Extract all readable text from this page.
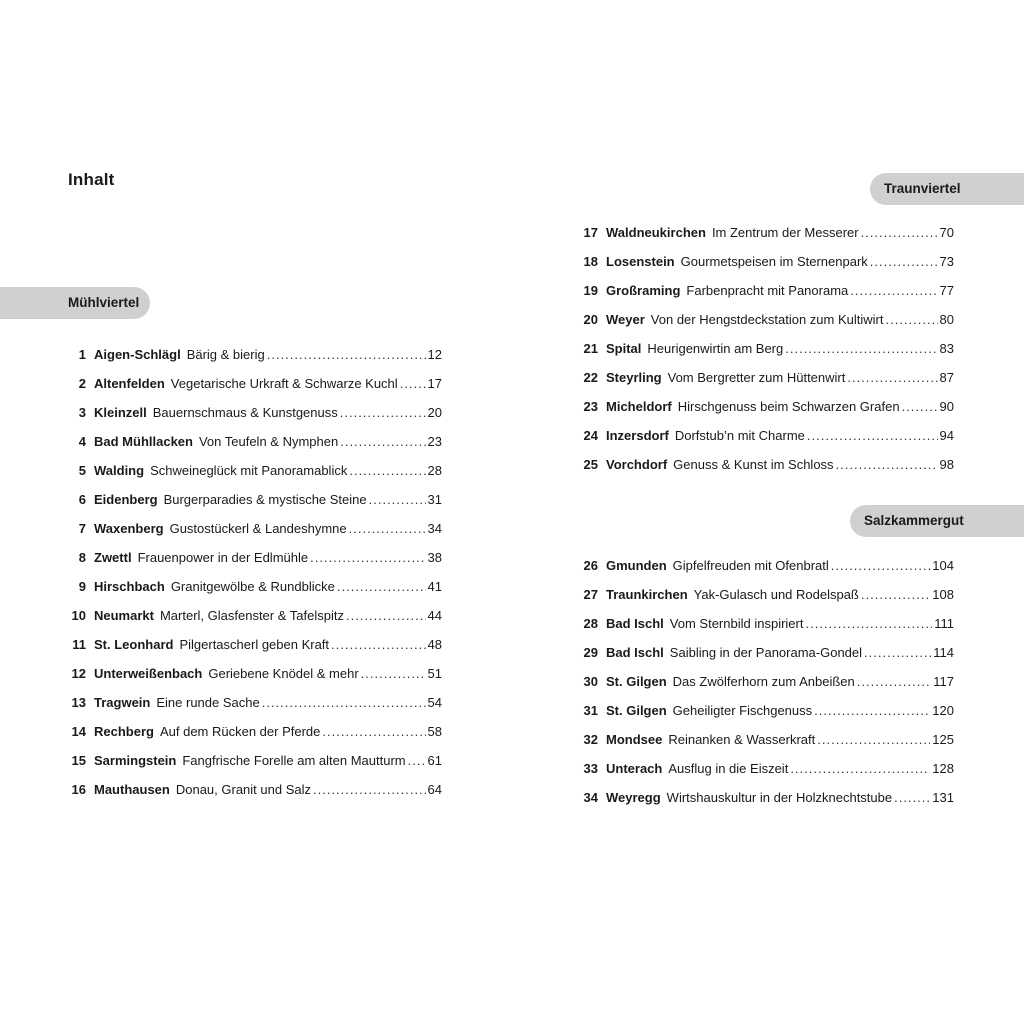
Inhalt
Mühlviertel
Traunviertel
Salzkammergut
1 Aigen-Schlägl Bärig & bierig .....	12
2 Altenfelden Vegetarische Urkraft & Schwarze Kuchl ..... 17
3 Kleinzell Bauernschmaus & Kunstgenuss .....	20
4 Bad Mühllacken Von Teufeln & Nymphen .....	23
5 Walding Schweineglück mit Panoramablick .....	28
6 Eidenberg Burgerparadies & mystische Steine .....	31
7 Waxenberg Gustostückerl & Landeshymne .....	34
8 Zwettl Frauenpower in der Edlmühle .....	38
9 Hirschbach Granitgewölbe & Rundblicke .....	41
10 Neumarkt Marterl, Glasfenster & Tafelspitz .....	44
11 St. Leonhard Pilgertascherl geben Kraft .....	48
12 Unterweißenbach Geriebene Knödel & mehr .....	51
13 Tragwein Eine runde Sache .....	54
14 Rechberg Auf dem Rücken der Pferde .....	58
15 Sarmingstein Fangfrische Forelle am alten Mautturm ..... 61
16 Mauthausen Donau, Granit und Salz .....	64
17 Waldneukirchen Im Zentrum der Messerer .....	70
18 Losenstein Gourmetspeisen im Sternenpark .....	73
19 Großraming Farbenpracht mit Panorama .....	77
20 Weyer Von der Hengstdeckstation zum Kultiwirt .....	80
21 Spital Heurigenwirtin am Berg .....	83
22 Steyrling Vom Bergretter zum Hüttenwirt .....	87
23 Micheldorf Hirschgenuss beim Schwarzen Grafen .....	90
24 Inzersdorf Dorfstub’n mit Charme .....	94
25 Vorchdorf Genuss & Kunst im Schloss .....	98
26 Gmunden Gipfelfreuden mit Ofenbratl .....	104
27 Traunkirchen Yak-Gulasch und Rodelspaß .....	108
28 Bad Ischl Vom Sternbild inspiriert .....	111
29 Bad Ischl Saibling in der Panorama-Gondel .....	114
30 St. Gilgen Das Zwölferhorn zum Anbeißen .....	117
31 St. Gilgen Geheiligter Fischgenuss .....	120
32 Mondsee Reinanken & Wasserkraft .....	125
33 Unterach Ausflug in die Eiszeit .....	128
34 Weyregg Wirtshauskultur in der Holzknechtstube .....	131
